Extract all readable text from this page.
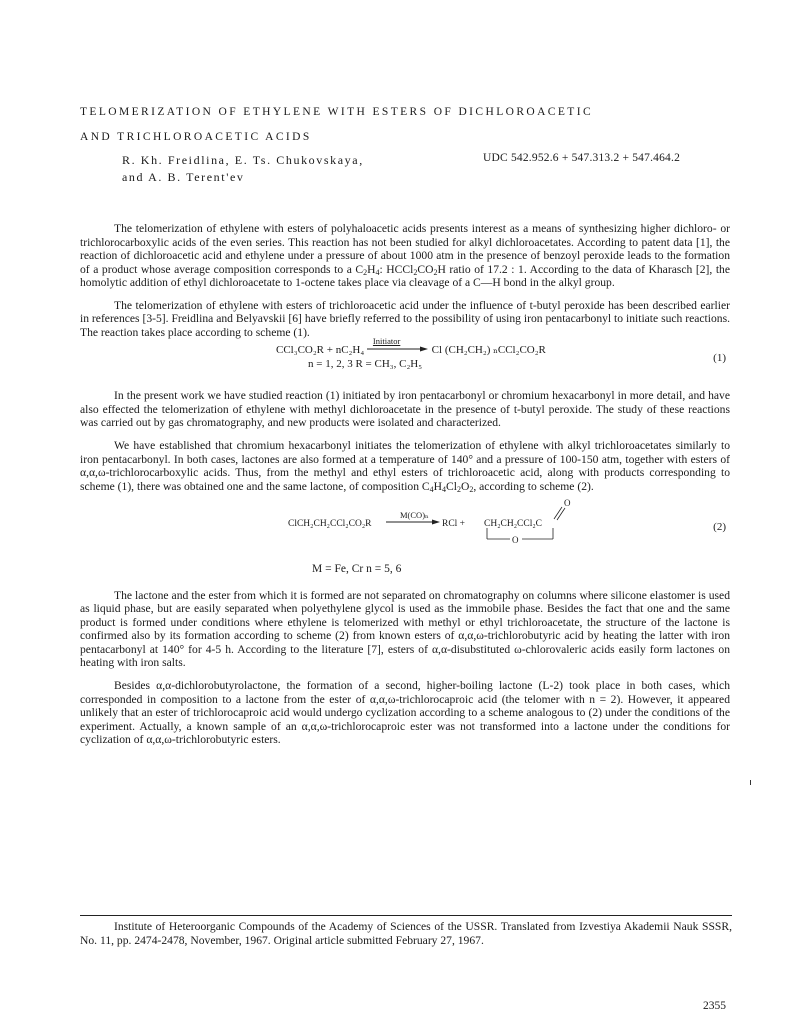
TELOMERIZATION OF ETHYLENE WITH ESTERS OF DICHLOROACETIC
AND TRICHLOROACETIC ACIDS
R. Kh. Freidlina, E. Ts. Chukovskaya,
and A. B. Terent'ev
UDC 542.952.6 + 547.313.2 + 547.464.2

The telomerization of ethylene with esters of polyhaloacetic acids presents interest as a means of synthesizing higher dichloro- or trichlorocarboxylic acids of the even series. This reaction has not been studied for alkyl dichloroacetates. According to patent data [1], the reaction of dichloroacetic acid and ethylene under a pressure of about 1000 atm in the presence of benzoyl peroxide leads to the formation of a product whose average composition corresponds to a $C_2H_4$: $HCCl_2CO_2H$ ratio of 17.2 : 1. According to the data of Kharasch [2], the homolytic addition of ethyl dichloroacetate to 1-octene takes place via cleavage of a C—H bond in the alkyl group.

The telomerization of ethylene with esters of trichloroacetic acid under the influence of t-butyl peroxide has been described earlier in references [3-5]. Freidlina and Belyavskii [6] have briefly referred to the possibility of using iron pentacarbonyl to initiate such reactions. The reaction takes place according to scheme (1).

CCl₃CO₂R + nC₂H₄
Initiator
Cl (CH₂CH₂) ₙCCl₂CO₂R
n = 1, 2, 3 R = CH₃, C₂H₅	(1)

In the present work we have studied reaction (1) initiated by iron pentacarbonyl or chromium hexacarbonyl in more detail, and have also effected the telomerization of ethylene with methyl dichloroacetate in the presence of t-butyl peroxide. The study of these reactions was carried out by gas chromatography, and new products were isolated and characterized.

We have established that chromium hexacarbonyl initiates the telomerization of ethylene with alkyl trichloroacetates similarly to iron pentacarbonyl. In both cases, lactones are also formed at a temperature of 140° and a pressure of 100-150 atm, together with esters of α,α,ω-trichlorocarboxylic acids. Thus, from the methyl and ethyl esters of trichloroacetic acid, along with products corresponding to scheme (1), there was obtained one and the same lactone, of composition $C_4H_4Cl_2O_2$, according to scheme (2).

ClCH₂CH₂CCl₂CO₂R
M(CO)ₙ
RCl + CH₂CH₂CCl₂C
O
O
(2)
M = Fe, Cr n = 5, 6

The lactone and the ester from which it is formed are not separated on chromatography on columns where silicone elastomer is used as liquid phase, but are easily separated when polyethylene glycol is used as the immobile phase. Besides the fact that one and the same product is formed under conditions where ethylene is telomerized with methyl or ethyl trichloroacetate, the structure of the lactone is confirmed also by its formation according to scheme (2) from known esters of α,α,ω-trichlorobutyric acid by heating the latter with iron pentacarbonyl at 140° for 4-5 h. According to the literature [7], esters of α,α-disubstituted ω-chlorovaleric acids easily form lactones on heating with iron salts.

Besides α,α-dichlorobutyrolactone, the formation of a second, higher-boiling lactone (L-2) took place in both cases, which corresponded in composition to a lactone from the ester of α,α,ω-trichlorocaproic acid (the telomer with n = 2). However, it appeared unlikely that an ester of trichlorocaproic acid would undergo cyclization according to a scheme analogous to (2) under the conditions of the experiment. Actually, a known sample of an α,α,ω-trichlorocaproic ester was not transformed into a lactone under the conditions for cyclization of α,α,ω-trichlorobutyric esters.

Institute of Heteroorganic Compounds of the Academy of Sciences of the USSR. Translated from Izvestiya Akademii Nauk SSSR, No. 11, pp. 2474-2478, November, 1967. Original article submitted February 27, 1967.

2355
